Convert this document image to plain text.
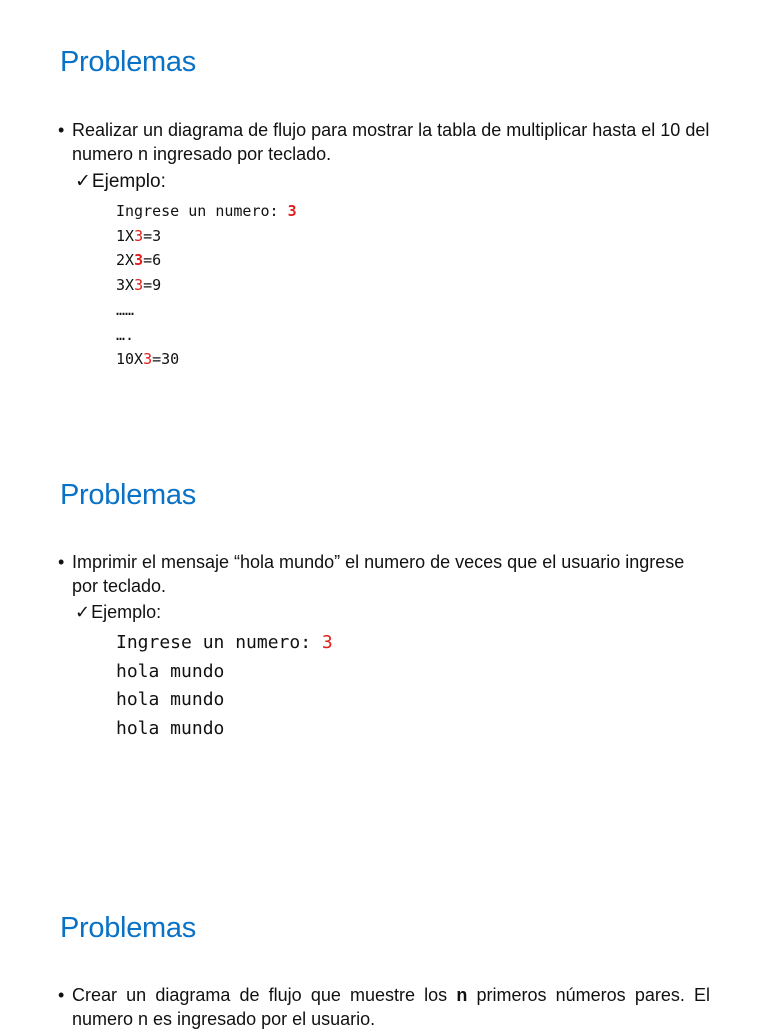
Problemas

• Realizar un diagrama de flujo para mostrar la tabla de multiplicar hasta el 10 del numero n ingresado por teclado.

✓Ejemplo:

Ingrese un numero: 3
1X3=3
2X3=6
3X3=9
……
….
10X3=30
Problemas

• Imprimir el mensaje “hola mundo” el numero de veces que el usuario ingrese por teclado.

✓Ejemplo:

Ingrese un numero: 3
hola mundo
hola mundo
hola mundo
Problemas

• Crear un diagrama de flujo que muestre los n primeros números pares. El numero n es ingresado por el usuario.
